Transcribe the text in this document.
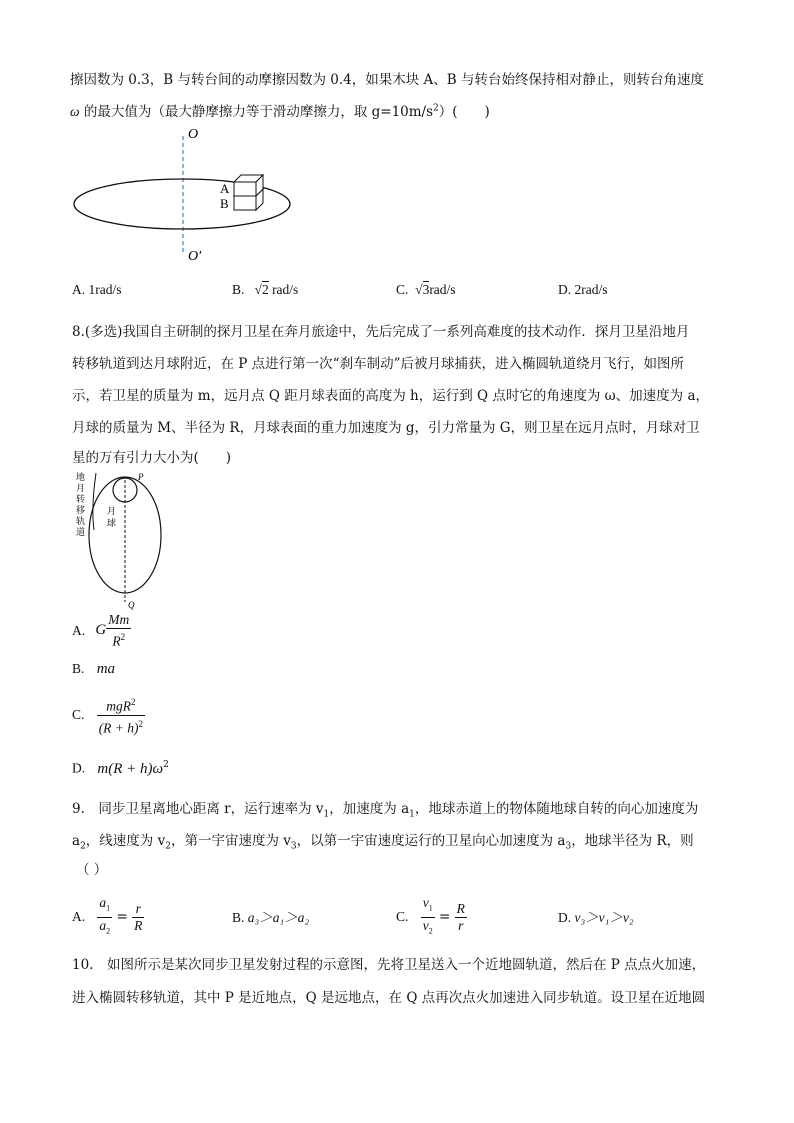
擦因数为 0.3，B 与转台间的动摩擦因数为 0.4，如果木块 A、B 与转台始终保持相对静止，则转台角速度
ω 的最大值为（最大静摩擦力等于滑动摩擦力，取 $g=10m/s^2$）(　　)
O
O′
A
B
A. 1rad/s	B. √2 rad/s	C. √3rad/s	D. 2rad/s
8.(多选)我国自主研制的探月卫星在奔月旅途中，先后完成了一系列高难度的技术动作．探月卫星沿地月
转移轨道到达月球附近，在 P 点进行第一次“刹车制动”后被月球捕获，进入椭圆轨道绕月飞行，如图所
示，若卫星的质量为 m，远月点 Q 距月球表面的高度为 h，运行到 Q 点时它的角速度为 ω、加速度为 a，
月球的质量为 M、半径为 R，月球表面的重力加速度为 g，引力常量为 G，则卫星在远月点时，月球对卫
星的万有引力大小为(　　)
地
月
转
移
轨
道
月
球
P
Q
A. G $\frac{Mm}{R^2}$
B. ma
C. $\frac{mgR^2}{(R + h)^2}$
D. $m(R + h)\omega^2$
9.　同步卫星离地心距离 r，运行速率为 $v_1$，加速度为 $a_1$，地球赤道上的物体随地球自转的向心加速度为
$a_2$，线速度为 $v_2$，第一宇宙速度为 $v_3$，以第一宇宙速度运行的卫星向心加速度为 $a_3$，地球半径为 R，则
（ ）
A. $\frac{a_1}{a_2} = \frac{r}{R}$	B. a₃＞a₁＞a₂	C. $\frac{v_1}{v_2} = \frac{R}{r}$	D. v₃＞v₁＞v₂
10.　如图所示是某次同步卫星发射过程的示意图，先将卫星送入一个近地圆轨道，然后在 P 点点火加速，
进入椭圆转移轨道，其中 P 是近地点，Q 是远地点，在 Q 点再次点火加速进入同步轨道。设卫星在近地圆
